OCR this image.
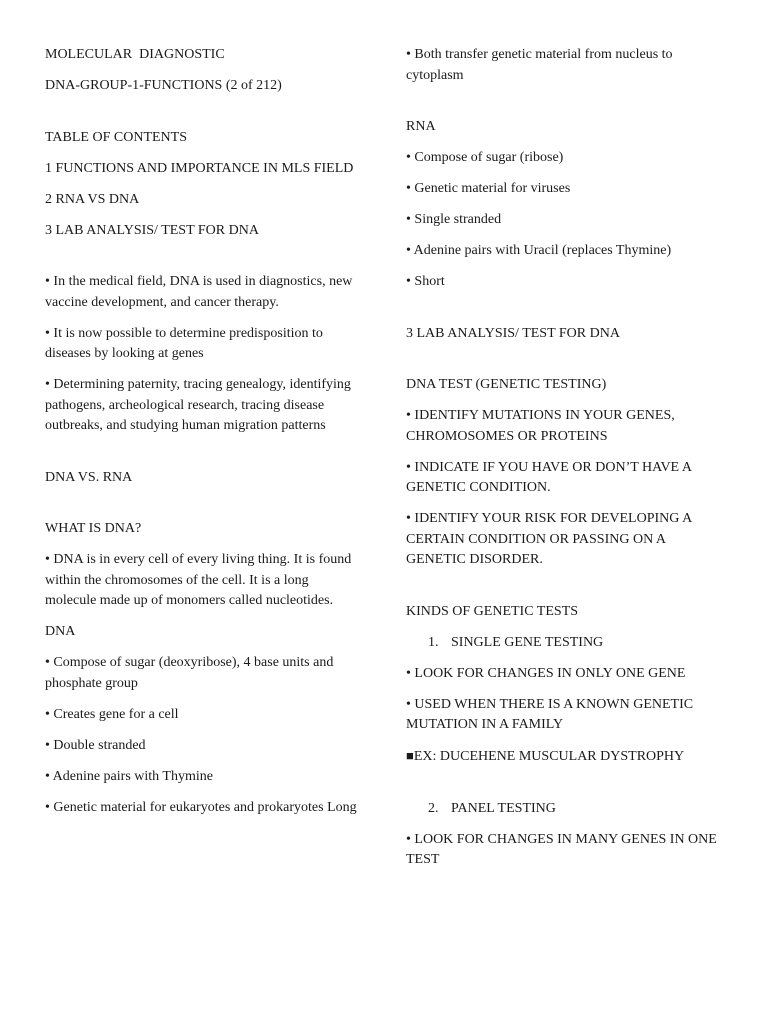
MOLECULAR  DIAGNOSTIC
DNA-GROUP-1-FUNCTIONS (2 of 212)
TABLE OF CONTENTS
1 FUNCTIONS AND IMPORTANCE IN MLS FIELD
2 RNA VS DNA
3 LAB ANALYSIS/ TEST FOR DNA
• In the medical field, DNA is used in diagnostics, new vaccine development, and cancer therapy.
• It is now possible to determine predisposition to diseases by looking at genes
• Determining paternity, tracing genealogy, identifying pathogens, archeological research, tracing disease outbreaks, and studying human migration patterns
DNA VS. RNA
WHAT IS DNA?
• DNA is in every cell of every living thing. It is found within the chromosomes of the cell. It is a long molecule made up of monomers called nucleotides.
DNA
• Compose of sugar (deoxyribose), 4 base units and phosphate group
• Creates gene for a cell
• Double stranded
• Adenine pairs with Thymine
• Genetic material for eukaryotes and prokaryotes Long
• Both transfer genetic material from nucleus to cytoplasm
RNA
• Compose of sugar (ribose)
• Genetic material for viruses
• Single stranded
• Adenine pairs with Uracil (replaces Thymine)
• Short
3 LAB ANALYSIS/ TEST FOR DNA
DNA TEST (GENETIC TESTING)
• IDENTIFY MUTATIONS IN YOUR GENES, CHROMOSOMES OR PROTEINS
• INDICATE IF YOU HAVE OR DON’T HAVE A GENETIC CONDITION.
• IDENTIFY YOUR RISK FOR DEVELOPING A CERTAIN CONDITION OR PASSING ON A GENETIC DISORDER.
KINDS OF GENETIC TESTS
1. SINGLE GENE TESTING
• LOOK FOR CHANGES IN ONLY ONE GENE
• USED WHEN THERE IS A KNOWN GENETIC MUTATION IN A FAMILY
■EX: DUCEHENE MUSCULAR DYSTROPHY
2. PANEL TESTING
• LOOK FOR CHANGES IN MANY GENES IN ONE TEST
